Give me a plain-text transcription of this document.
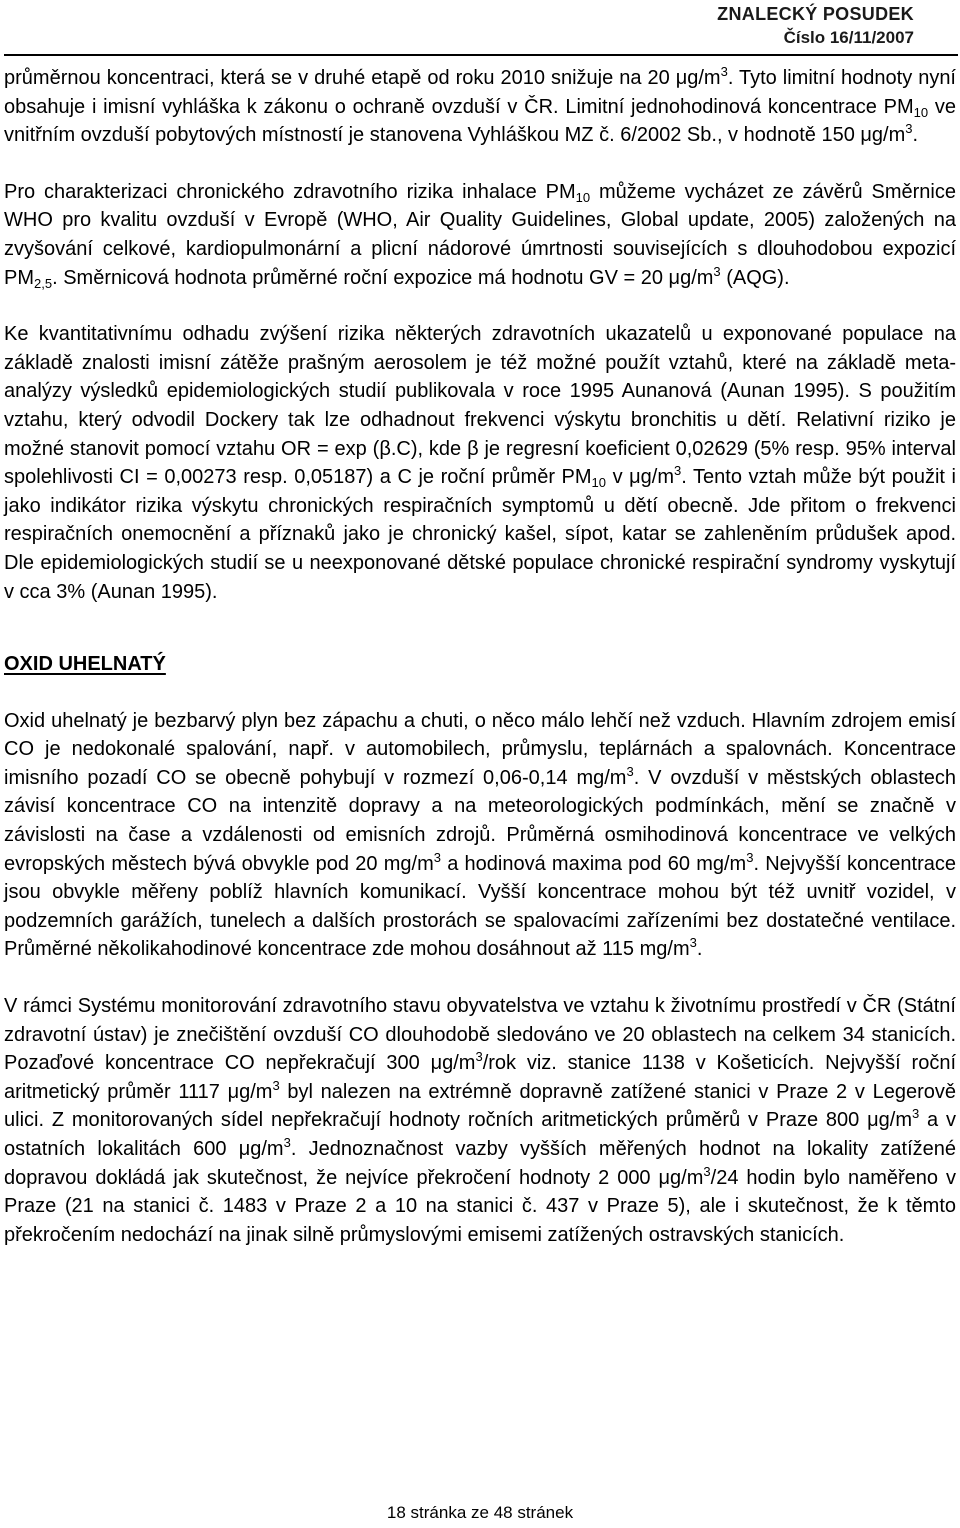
ZNALECKÝ POSUDEK
Číslo 16/11/2007

průměrnou koncentraci, která se v druhé etapě od roku 2010 snižuje na 20 $\mu g/m^3$. Tyto limitní hodnoty nyní obsahuje i imisní vyhláška k zákonu o ochraně ovzduší v ČR. Limitní jednohodinová koncentrace $PM_{10}$ ve vnitřním ovzduší pobytových místností je stanovena Vyhláškou MZ č. 6/2002 Sb., v hodnotě 150 $\mu g/m^3$.

Pro charakterizaci chronického zdravotního rizika inhalace $PM_{10}$ můžeme vycházet ze závěrů Směrnice WHO pro kvalitu ovzduší v Evropě (WHO, Air Quality Guidelines, Global update, 2005) založených na zvyšování celkové, kardiopulmonární a plicní nádorové úmrtnosti souvisejících s dlouhodobou expozicí $PM_{2,5}$. Směrnicová hodnota průměrné roční expozice má hodnotu GV = 20 $\mu g/m^3$ (AQG).

Ke kvantitativnímu odhadu zvýšení rizika některých zdravotních ukazatelů u exponované populace na základě znalosti imisní zátěže prašným aerosolem je též možné použít vztahů, které na základě meta-analýzy výsledků epidemiologických studií publikovala v roce 1995 Aunanová (Aunan 1995). S použitím vztahu, který odvodil Dockery tak lze odhadnout frekvenci výskytu bronchitis u dětí. Relativní riziko je možné stanovit pomocí vztahu OR = exp (β.C), kde β je regresní koeficient 0,02629 (5% resp. 95% interval spolehlivosti CI = 0,00273 resp. 0,05187) a C je roční průměr $PM_{10}$ v $\mu g/m^3$. Tento vztah může být použit i jako indikátor rizika výskytu chronických respiračních symptomů u dětí obecně. Jde přitom o frekvenci respiračních onemocnění a příznaků jako je chronický kašel, sípot, katar se zahleněním průdušek apod. Dle epidemiologických studií se u neexponované dětské populace chronické respirační syndromy vyskytují v cca 3% (Aunan 1995).

OXID UHELNATÝ

Oxid uhelnatý je bezbarvý plyn bez zápachu a chuti, o něco málo lehčí než vzduch. Hlavním zdrojem emisí CO je nedokonalé spalování, např. v automobilech, průmyslu, teplárnách a spalovnách. Koncentrace imisního pozadí CO se obecně pohybují v rozmezí 0,06-0,14 $mg/m^3$. V ovzduší v městských oblastech závisí koncentrace CO na intenzitě dopravy a na meteorologických podmínkách, mění se značně v závislosti na čase a vzdálenosti od emisních zdrojů. Průměrná osmihodinová koncentrace ve velkých evropských městech bývá obvykle pod 20 $mg/m^3$ a hodinová maxima pod 60 $mg/m^3$. Nejvyšší koncentrace jsou obvykle měřeny poblíž hlavních komunikací. Vyšší koncentrace mohou být též uvnitř vozidel, v podzemních garážích, tunelech a dalších prostorách se spalovacími zařízeními bez dostatečné ventilace. Průměrné několikahodinové koncentrace zde mohou dosáhnout až 115 $mg/m^3$.

V rámci Systému monitorování zdravotního stavu obyvatelstva ve vztahu k životnímu prostředí v ČR (Státní zdravotní ústav) je znečištění ovzduší CO dlouhodobě sledováno ve 20 oblastech na celkem 34 stanicích. Pozaďové koncentrace CO nepřekračují 300 $\mu g/m^3$/rok viz. stanice 1138 v Košeticích. Nejvyšší roční aritmetický průměr 1117 $\mu g/m^3$ byl nalezen na extrémně dopravně zatížené stanici v Praze 2 v Legerově ulici. Z monitorovaných sídel nepřekračují hodnoty ročních aritmetických průměrů v Praze 800 $\mu g/m^3$ a v ostatních lokalitách 600 $\mu g/m^3$. Jednoznačnost vazby vyšších měřených hodnot na lokality zatížené dopravou dokládá jak skutečnost, že nejvíce překročení hodnoty 2 000 $\mu g/m^3/24$ hodin bylo naměřeno v Praze (21 na stanici č. 1483 v Praze 2 a 10 na stanici č. 437 v Praze 5), ale i skutečnost, že k těmto překročením nedochází na jinak silně průmyslovými emisemi zatížených ostravských stanicích.

18 stránka ze 48 stránek
